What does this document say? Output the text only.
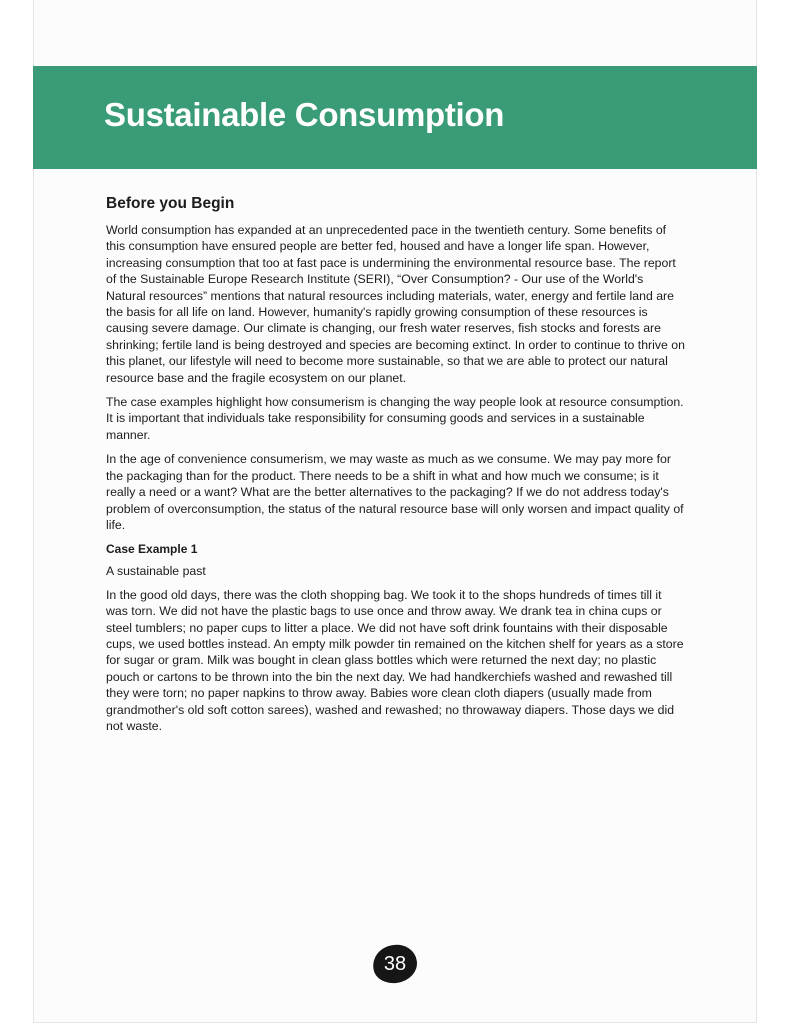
Sustainable Consumption
Before you Begin

World consumption has expanded at an unprecedented pace in the twentieth century. Some benefits of this consumption have ensured people are better fed, housed and have a longer life span. However, increasing consumption that too at fast pace is undermining the environmental resource base. The report of the Sustainable Europe Research Institute (SERI), “Over Consumption? - Our use of the World's Natural resources” mentions that natural resources including materials, water, energy and fertile land are the basis for all life on land. However, humanity's rapidly growing consumption of these resources is causing severe damage. Our climate is changing, our fresh water reserves, fish stocks and forests are shrinking; fertile land is being destroyed and species are becoming extinct. In order to continue to thrive on this planet, our lifestyle will need to become more sustainable, so that we are able to protect our natural resource base and the fragile ecosystem on our planet.

The case examples highlight how consumerism is changing the way people look at resource consumption. It is important that individuals take responsibility for consuming goods and services in a sustainable manner.

In the age of convenience consumerism, we may waste as much as we consume. We may pay more for the packaging than for the product. There needs to be a shift in what and how much we consume; is it really a need or a want? What are the better alternatives to the packaging? If we do not address today's problem of overconsumption, the status of the natural resource base will only worsen and impact quality of life.

Case Example 1

A sustainable past

In the good old days, there was the cloth shopping bag. We took it to the shops hundreds of times till it was torn. We did not have the plastic bags to use once and throw away. We drank tea in china cups or steel tumblers; no paper cups to litter a place. We did not have soft drink fountains with their disposable cups, we used bottles instead. An empty milk powder tin remained on the kitchen shelf for years as a store for sugar or gram. Milk was bought in clean glass bottles which were returned the next day; no plastic pouch or cartons to be thrown into the bin the next day. We had handkerchiefs washed and rewashed till they were torn; no paper napkins to throw away. Babies wore clean cloth diapers (usually made from grandmother's old soft cotton sarees), washed and rewashed; no throwaway diapers. Those days we did not waste.

38
